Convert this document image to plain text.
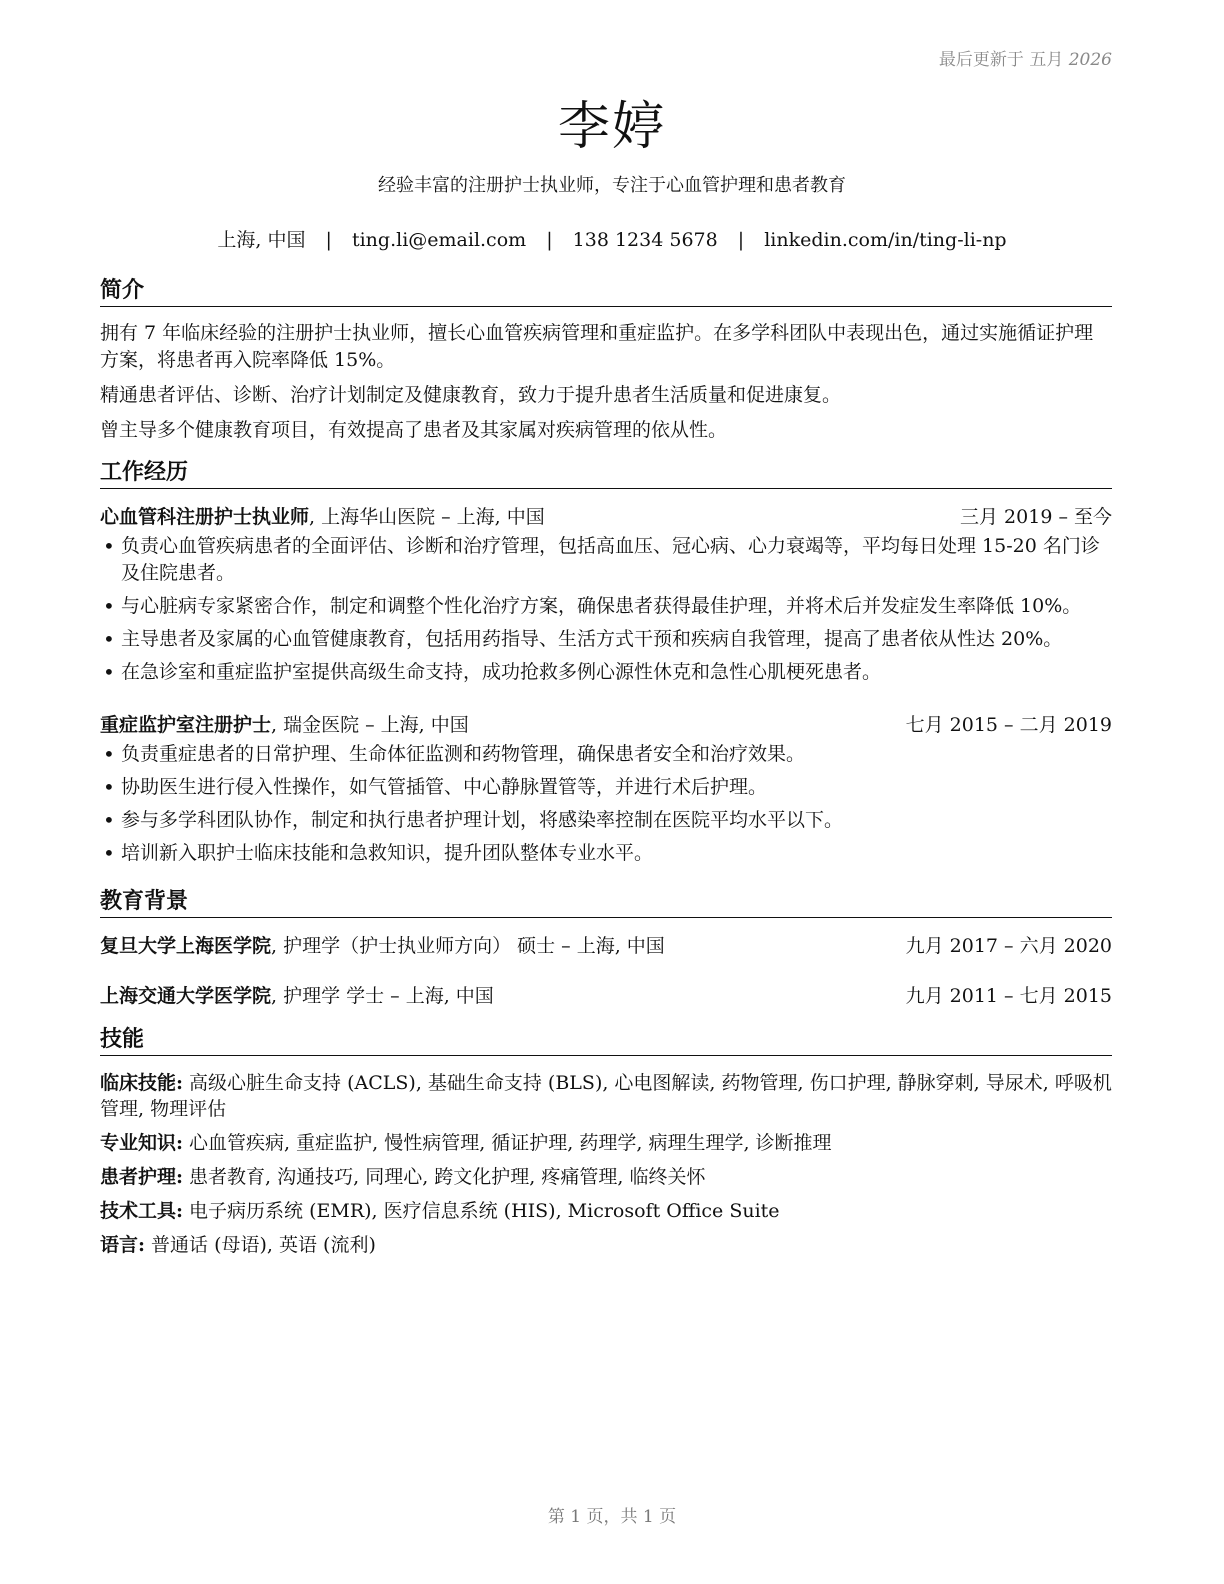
最后更新于 五月 2026
李婷
经验丰富的注册护士执业师，专注于心血管护理和患者教育
上海, 中国 | ting.li@email.com | 138 1234 5678 | linkedin.com/in/ting-li-np
简介

拥有 7 年临床经验的注册护士执业师，擅长心血管疾病管理和重症监护。在多学科团队中表现出色，通过实施循证护理方案，将患者再入院率降低 15%。

精通患者评估、诊断、治疗计划制定及健康教育，致力于提升患者生活质量和促进康复。

曾主导多个健康教育项目，有效提高了患者及其家属对疾病管理的依从性。

工作经历
心血管科注册护士执业师, 上海华山医院 – 上海, 中国	三月 2019 – 至今
• 负责心血管疾病患者的全面评估、诊断和治疗管理，包括高血压、冠心病、心力衰竭等，平均每日处理 15-20 名门诊及住院患者。
• 与心脏病专家紧密合作，制定和调整个性化治疗方案，确保患者获得最佳护理，并将术后并发症发生率降低 10%。
• 主导患者及家属的心血管健康教育，包括用药指导、生活方式干预和疾病自我管理，提高了患者依从性达 20%。
• 在急诊室和重症监护室提供高级生命支持，成功抢救多例心源性休克和急性心肌梗死患者。
重症监护室注册护士, 瑞金医院 – 上海, 中国	七月 2015 – 二月 2019
• 负责重症患者的日常护理、生命体征监测和药物管理，确保患者安全和治疗效果。
• 协助医生进行侵入性操作，如气管插管、中心静脉置管等，并进行术后护理。
• 参与多学科团队协作，制定和执行患者护理计划，将感染率控制在医院平均水平以下。
• 培训新入职护士临床技能和急救知识，提升团队整体专业水平。
教育背景
复旦大学上海医学院, 护理学（护士执业师方向） 硕士 – 上海, 中国	九月 2017 – 六月 2020
上海交通大学医学院, 护理学 学士 – 上海, 中国	九月 2011 – 七月 2015
技能
临床技能: 高级心脏生命支持 (ACLS), 基础生命支持 (BLS), 心电图解读, 药物管理, 伤口护理, 静脉穿刺, 导尿术, 呼吸机管理, 物理评估
专业知识: 心血管疾病, 重症监护, 慢性病管理, 循证护理, 药理学, 病理生理学, 诊断推理
患者护理: 患者教育, 沟通技巧, 同理心, 跨文化护理, 疼痛管理, 临终关怀
技术工具: 电子病历系统 (EMR), 医疗信息系统 (HIS), Microsoft Office Suite
语言: 普通话 (母语), 英语 (流利)
第 1 页，共 1 页
